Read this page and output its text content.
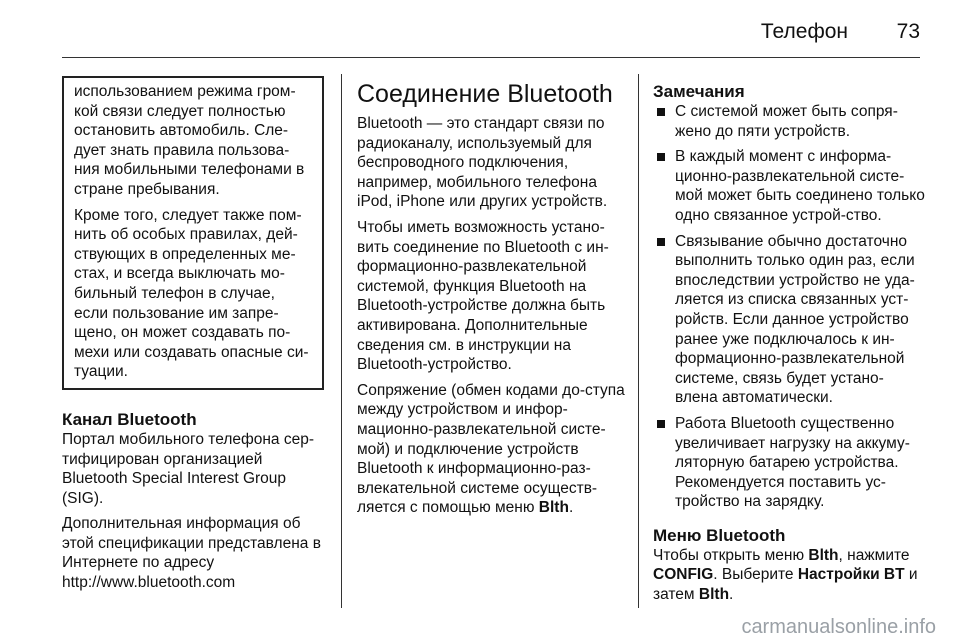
Телефон 73

использованием режима гром-кой связи следует полностью остановить автомобиль. Сле-дует знать правила пользова-ния мобильными телефонами в стране пребывания.

Кроме того, следует также пом-нить об особых правилах, дей-ствующих в определенных ме-стах, и всегда выключать мо-бильный телефон в случае, если пользование им запре-щено, он может создавать по-мехи или создавать опасные си-туации.

Канал Bluetooth

Портал мобильного телефона сер-тифицирован организацией Bluetooth Special Interest Group (SIG).

Дополнительная информация об этой спецификации представлена в Интернете по адресу http://www.bluetooth.com

Соединение Bluetooth

Bluetooth — это стандарт связи по радиоканалу, используемый для беспроводного подключения, например, мобильного телефона iPod, iPhone или других устройств.

Чтобы иметь возможность устано-вить соединение по Bluetooth с ин-формационно-развлекательной системой, функция Bluetooth на Bluetooth-устройстве должна быть активирована. Дополнительные сведения см. в инструкции на Bluetooth-устройство.

Сопряжение (обмен кодами до-ступа между устройством и инфор-мационно-развлекательной систе-мой) и подключение устройств Bluetooth к информационно-раз-влекательной системе осуществ-ляется с помощью меню Blth.

Замечания
С системой может быть сопря-жено до пяти устройств.
В каждый момент с информа-ционно-развлекательной систе-мой может быть соединено только одно связанное устрой-ство.
Связывание обычно достаточно выполнить только один раз, если впоследствии устройство не уда-ляется из списка связанных уст-ройств. Если данное устройство ранее уже подключалось к ин-формационно-развлекательной системе, связь будет устано-влена автоматически.
Работа Bluetooth существенно увеличивает нагрузку на аккуму-ляторную батарею устройства. Рекомендуется поставить ус-тройство на зарядку.
Меню Bluetooth

Чтобы открыть меню Blth, нажмите CONFIG. Выберите Настройки BT и затем Blth.

carmanualsonline.info
